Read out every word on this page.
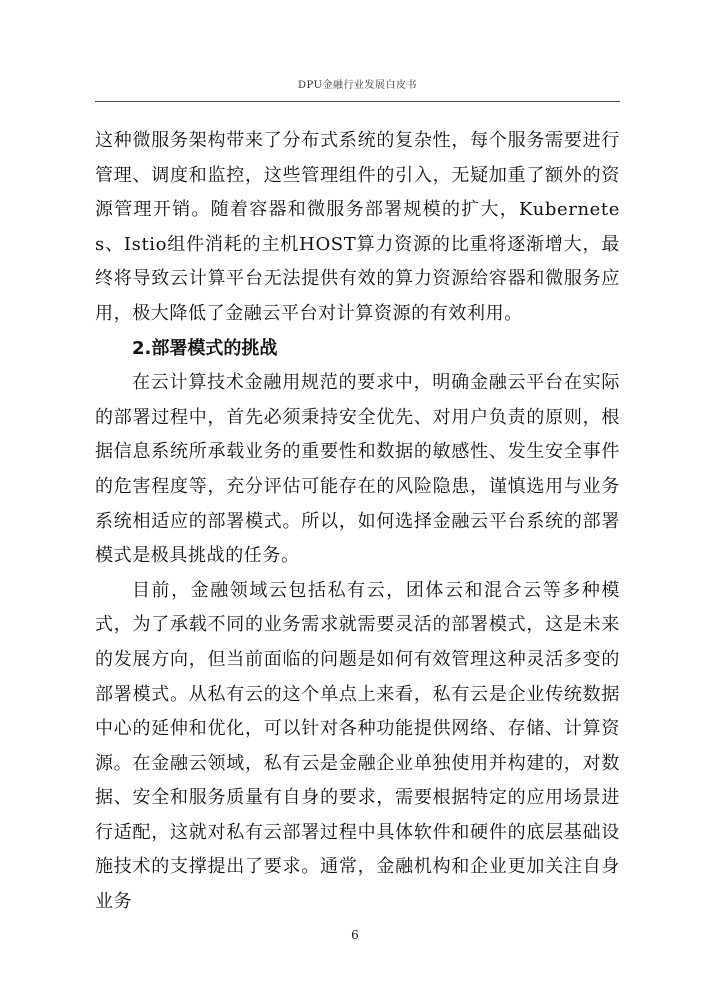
DPU金融行业发展白皮书

这种微服务架构带来了分布式系统的复杂性，每个服务需要进行管理、调度和监控，这些管理组件的引入，无疑加重了额外的资源管理开销。随着容器和微服务部署规模的扩大，Kubernetes、Istio组件消耗的主机HOST算力资源的比重将逐渐增大，最终将导致云计算平台无法提供有效的算力资源给容器和微服务应用，极大降低了金融云平台对计算资源的有效利用。

2.部署模式的挑战

在云计算技术金融用规范的要求中，明确金融云平台在实际的部署过程中，首先必须秉持安全优先、对用户负责的原则，根据信息系统所承载业务的重要性和数据的敏感性、发生安全事件的危害程度等，充分评估可能存在的风险隐患，谨慎选用与业务系统相适应的部署模式。所以，如何选择金融云平台系统的部署模式是极具挑战的任务。

目前，金融领域云包括私有云，团体云和混合云等多种模式，为了承载不同的业务需求就需要灵活的部署模式，这是未来的发展方向，但当前面临的问题是如何有效管理这种灵活多变的部署模式。从私有云的这个单点上来看，私有云是企业传统数据中心的延伸和优化，可以针对各种功能提供网络、存储、计算资源。在金融云领域，私有云是金融企业单独使用并构建的，对数据、安全和服务质量有自身的要求，需要根据特定的应用场景进行适配，这就对私有云部署过程中具体软件和硬件的底层基础设施技术的支撑提出了要求。通常，金融机构和企业更加关注自身业务

6
